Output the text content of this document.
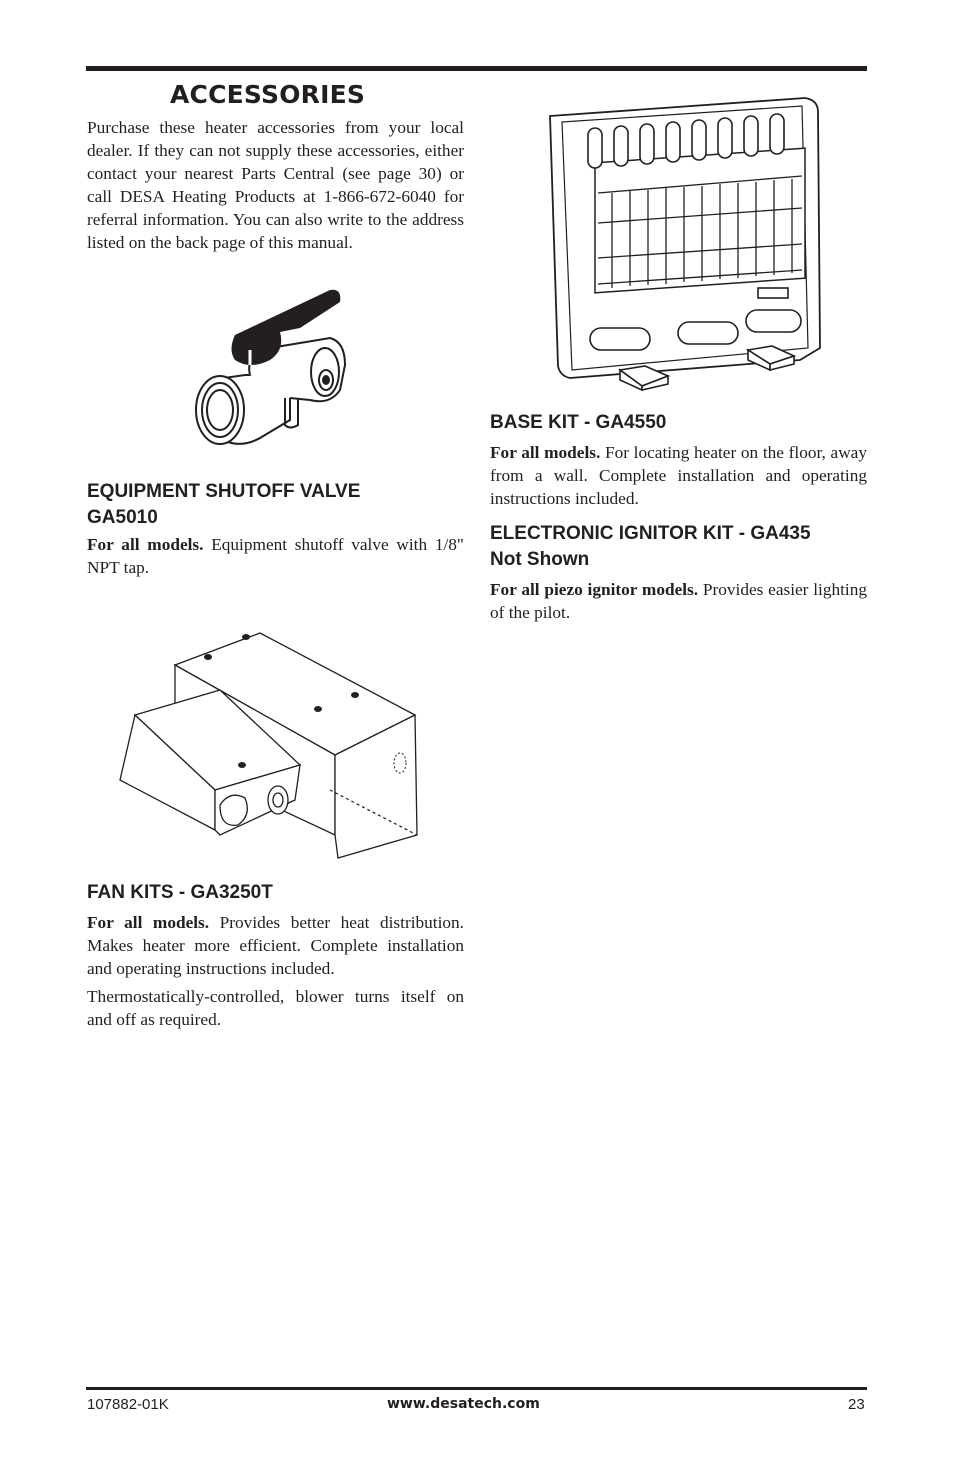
ACCESSORIES

Purchase these heater accessories from your local dealer. If they can not supply these accessories, either contact your nearest Parts Central (see page 30) or call DESA Heating Products at 1-866-672-6040 for referral information. You can also write to the address listed on the back page of this manual.

EQUIPMENT SHUTOFF VALVE
GA5010

For all models. Equipment shutoff valve with 1/8" NPT tap.

FAN KITS - GA3250T

For all models. Provides better heat distribution. Makes heater more efficient. Complete installation and operating instructions included.

Thermostatically-controlled, blower turns itself on and off as required.

BASE KIT - GA4550

For all models. For locating heater on the floor, away from a wall. Complete installation and operating instructions included.

ELECTRONIC IGNITOR KIT - GA435
Not Shown

For all piezo ignitor models. Provides easier lighting of the pilot.

107882-01K	www.desatech.com	23
